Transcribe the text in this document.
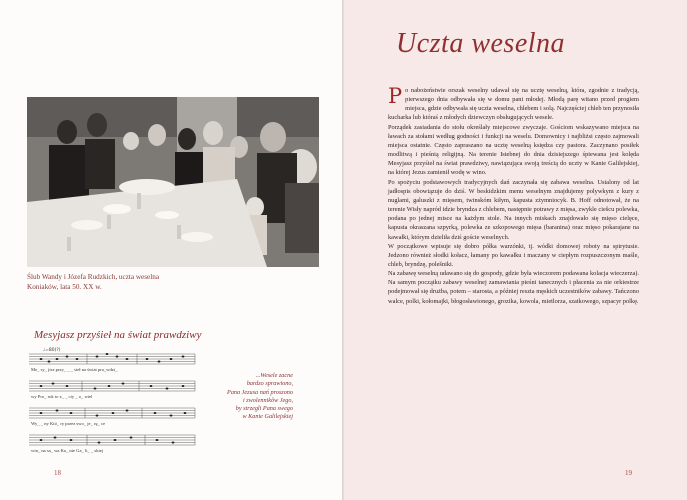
Ślub Wandy i Józefa Rudzkich, uczta weselna
Koniaków, lata 50. XX w.
Mesyjasz przyśieł na świat prawdziwy
♩=80(?)
Me_ sy_ jisz przy_ _ _ sieł na świat pra_wdzi_
wy Pro_ rok to z_ _ ciy _ o_ wiel
Wy_ _ ny Któ_ ry przez swo_ je_ rę_ ce
win_ na sa_ wa Ka_ nie Ga_ li_ _ skiej
...Wesele zacne
bardzo sprawiono,
Pana Jezusa nań proszono
i zwolennikôw Jego,
by strzegli Pana swego
w Kanie Galilejskiej
18
Uczta weselna

P o nabożeństwie orszak weselny udawał się na ucztę weselną, która, zgodnie z tradycją, pierwszego dnia odbywała się w domu pani młodej. Młodą parę witano przed progiem miejsca, gdzie odbywała się uczta weselna, chlebem i solą. Najczęściej chleb ten przynosiła kucharka lub któraś z młodych dziewczyn obsługujących wesele.

Porządek zasiadania do stołu określały miejscowe zwyczaje. Gościom wskazywano miejsca na ławach za stołami według godności i funkcji na weselu. Domownicy i najbliżsi często zajmowali miejsca ostatnie. Często zapraszano na ucztę weselną księdza czy pastora. Zaczynano posiłek modlitwą i pieśnią religijną. Na terenie Istebnej do dnia dzisiejszego śpiewana jest kolęda Mesyjasz przyśieł na świat prawdziwy, nawiązująca swoją treścią do uczty w Kanie Galilejskiej, na której Jezus zamienił wodę w wino.

Po spożyciu podstawowych tradycyjnych dań zaczynała się zabawa weselna. Ustalony od lat jadłospis obowiązuje do dziś. W beskidzkim menu weselnym znajdujemy polywkym z kury z nuglami, galuszki z mięsem, twinskóm kiłym, kapusta zżymniocyk. B. Hoff odnotował, że na terenie Wisły napród idzie bryndza z chlebem, następnie potrawy z mięsa, zwykle ciešcu polewka, podana po jednej misce na każdym stole. Na innych miskach znajdowało się mięso cielęce, kapusta okraszana szpyrką, polewka ze szkopowego mięsa (baranina) oraz mięso pokarajane na kawałki, którym dzieliła dziś goście weselnych.

W początkowe wpisuje się dobro półka warzónki, tj. wódki domowej roboty na spirytusie. Jedzono również słodki kołacz, łamany po kawałku i maczany w ciepłym rozpuszczonym maśle, chleb, bryndzę, polešniki.

Na zabawę weselną udawano się do gospody, gdzie była wieczorem podawana kolacja wieczerza). Na samym początku zabawy weselnej zamawiania pieśni tanecznych i płacenia za nie orkiestrze podejmował się drużba, potem – starosta, a później reszta męskich uczestników zabawy. Tańczono walce, polki, kołomajki, błogosławionego, grozika, kowola, mietlorza, szatkowego, szpacyr polkę.

19
